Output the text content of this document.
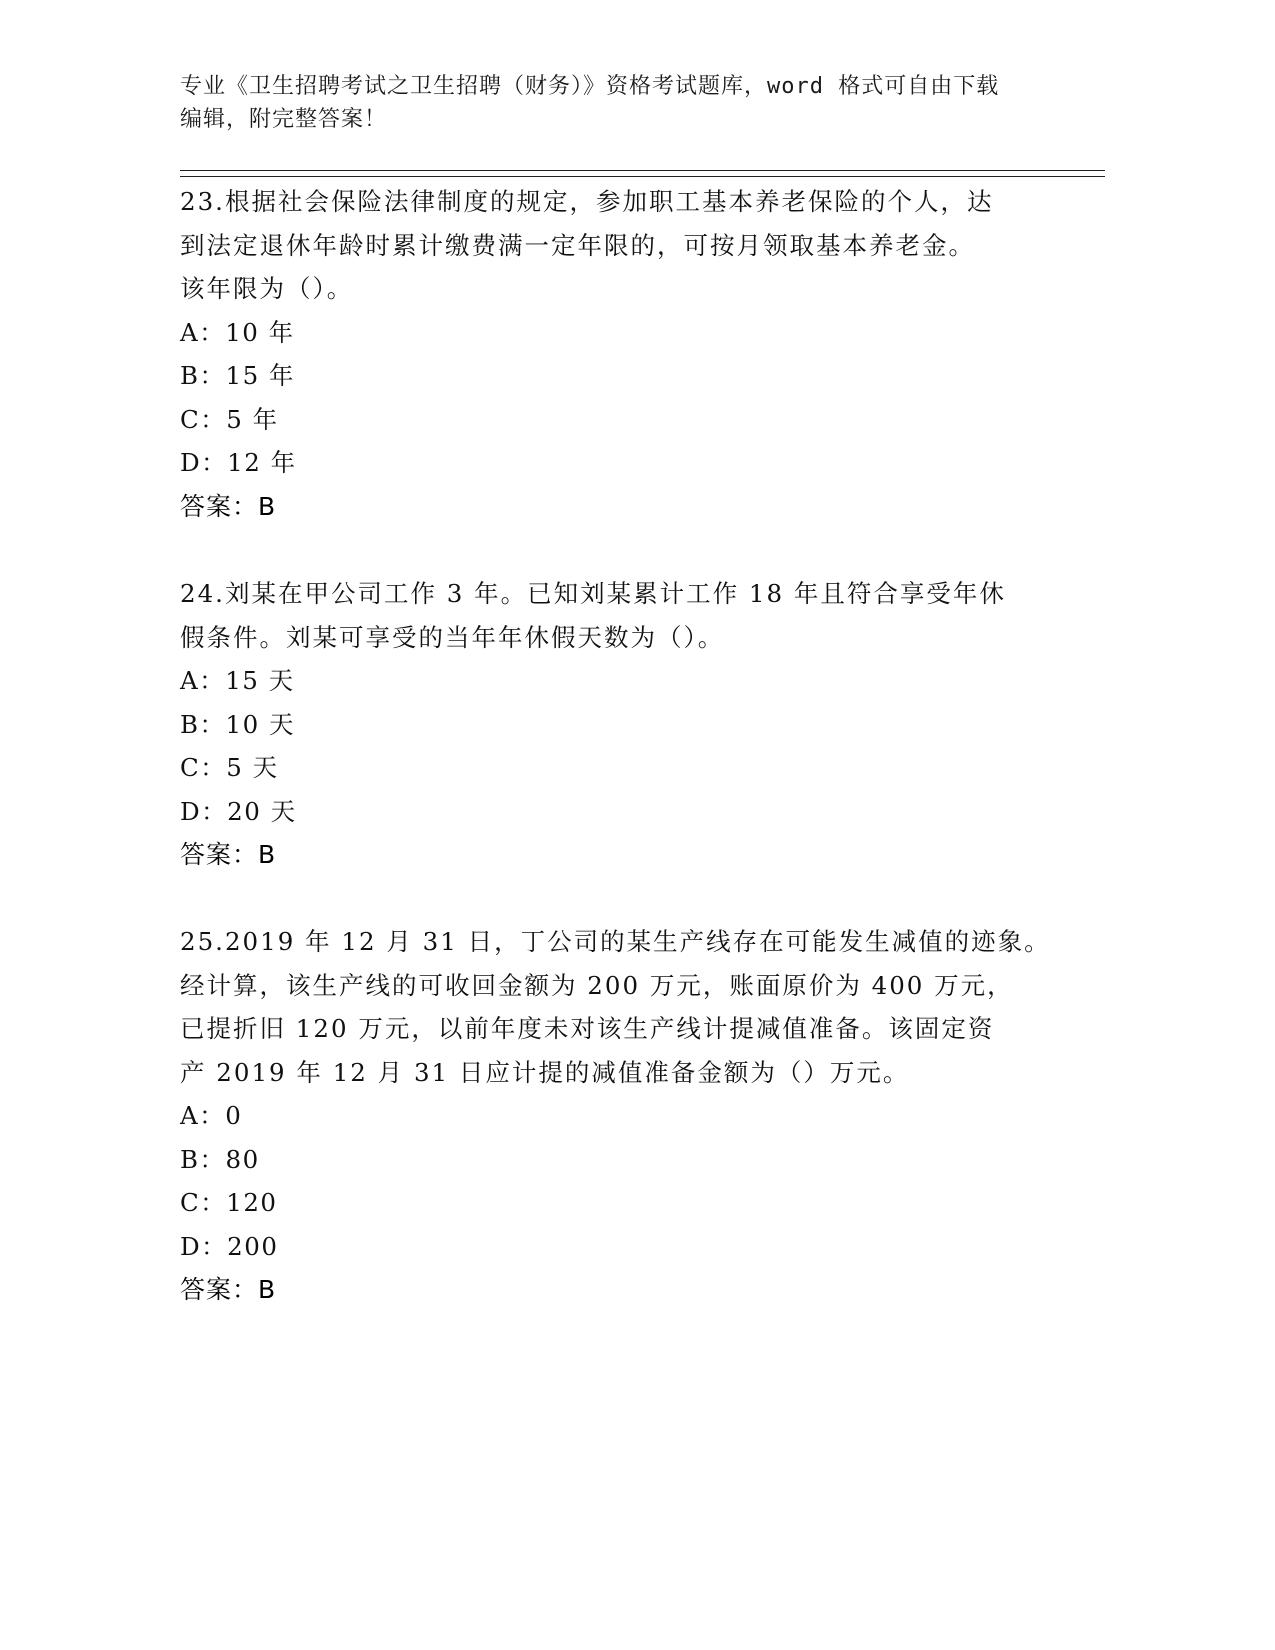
专业《卫生招聘考试之卫生招聘（财务）》资格考试题库，word 格式可自由下载
编辑，附完整答案！

23.根据社会保险法律制度的规定，参加职工基本养老保险的个人，达

到法定退休年龄时累计缴费满一定年限的，可按月领取基本养老金。

该年限为（）。

A：10 年

B：15 年

C：5 年

D：12 年

答案：B

24.刘某在甲公司工作 3 年。已知刘某累计工作 18 年且符合享受年休

假条件。刘某可享受的当年年休假天数为（）。

A：15 天

B：10 天

C：5 天

D：20 天

答案：B

25.2019 年 12 月 31 日，丁公司的某生产线存在可能发生减值的迹象。

经计算，该生产线的可收回金额为 200 万元，账面原价为 400 万元，

已提折旧 120 万元，以前年度未对该生产线计提减值准备。该固定资

产 2019 年 12 月 31 日应计提的减值准备金额为（）万元。

A：0

B：80

C：120

D：200

答案：B
